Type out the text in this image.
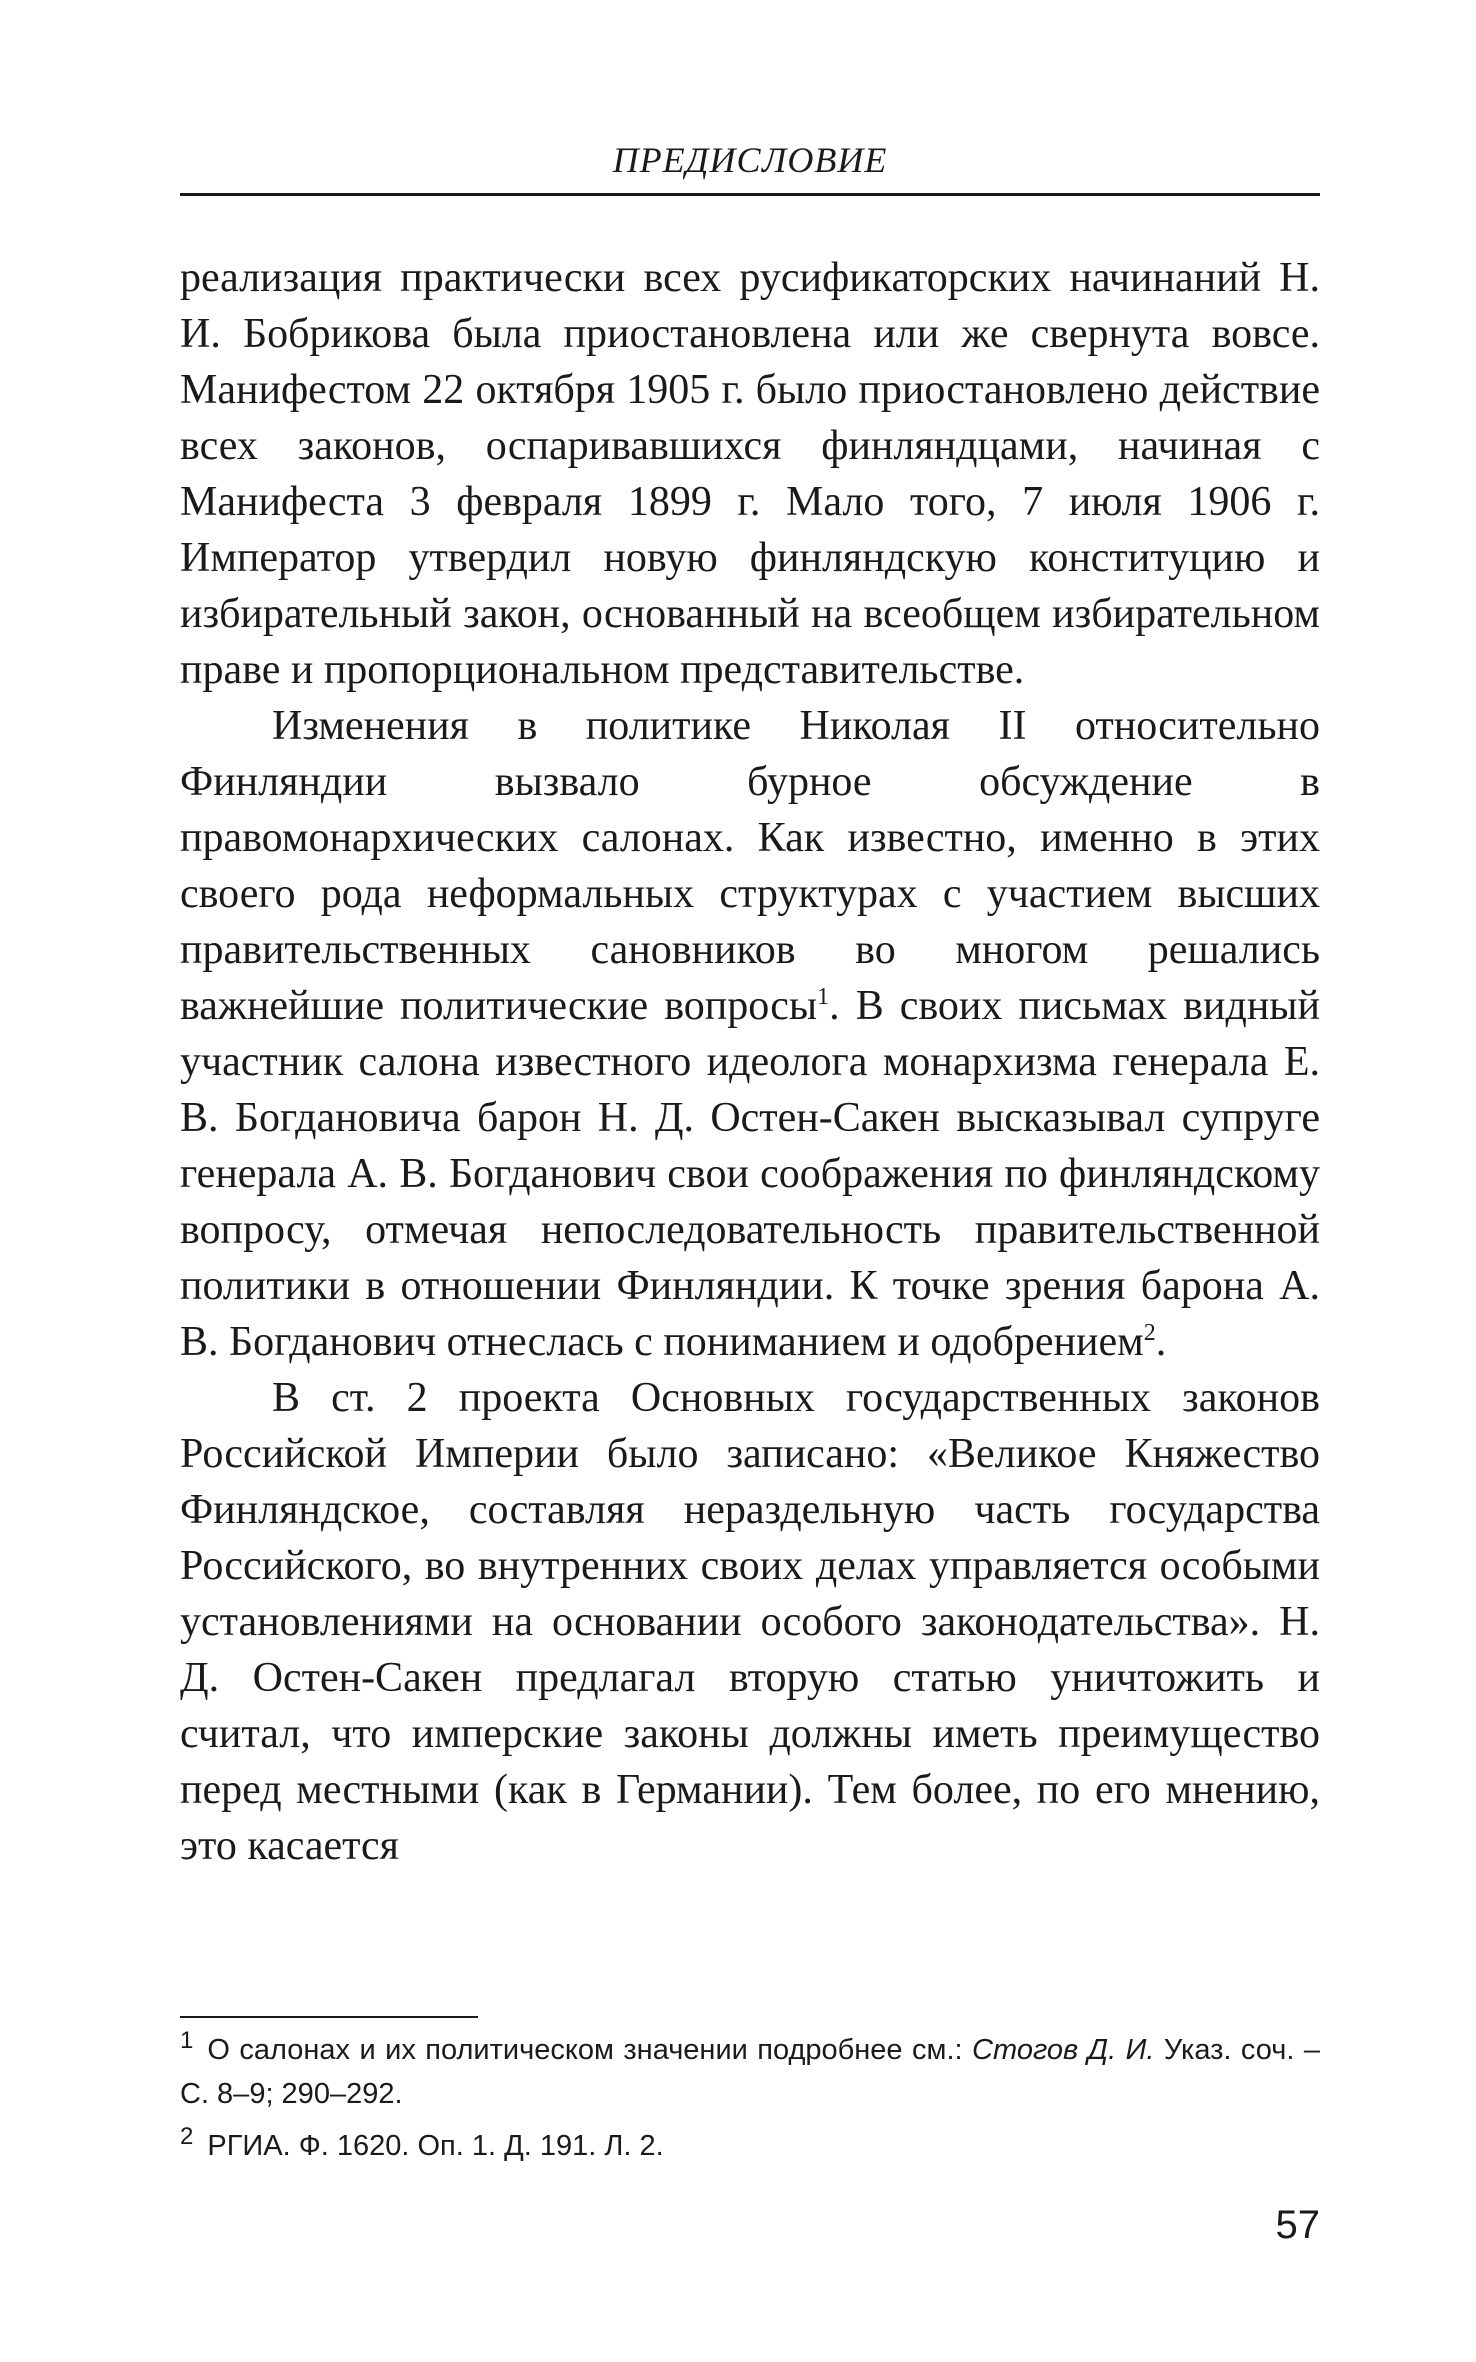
ПРЕДИСЛОВИЕ

реализация практически всех русификаторских начинаний Н. И. Бобрикова была приостановлена или же свернута вовсе. Манифестом 22 октября 1905 г. было приостановлено действие всех законов, оспаривавшихся финляндцами, начиная с Манифеста 3 февраля 1899 г. Мало того, 7 июля 1906 г. Император утвердил новую финляндскую конституцию и избирательный закон, основанный на всеобщем избирательном праве и пропорциональном представительстве.

Изменения в политике Николая II относительно Финляндии вызвало бурное обсуждение в правомонархических салонах. Как известно, именно в этих своего рода неформальных структурах с участием высших правительственных сановников во многом решались важнейшие политические вопросы$^1$. В своих письмах видный участник салона известного идеолога монархизма генерала Е. В. Богдановича барон Н. Д. Остен-Сакен высказывал супруге генерала А. В. Богданович свои соображения по финляндскому вопросу, отмечая непоследовательность правительственной политики в отношении Финляндии. К точке зрения барона А. В. Богданович отнеслась с пониманием и одобрением$^2$.

В ст. 2 проекта Основных государственных законов Российской Империи было записано: «Великое Княжество Финляндское, составляя нераздельную часть государства Российского, во внутренних своих делах управляется особыми установлениями на основании особого законодательства». Н. Д. Остен-Сакен предлагал вторую статью уничтожить и считал, что имперские законы должны иметь преимущество перед местными (как в Германии). Тем более, по его мнению, это касается

$^1$ О салонах и их политическом значении подробнее см.: Стогов Д. И. Указ. соч. – С. 8–9; 290–292.

$^2$ РГИА. Ф. 1620. Оп. 1. Д. 191. Л. 2.

57
